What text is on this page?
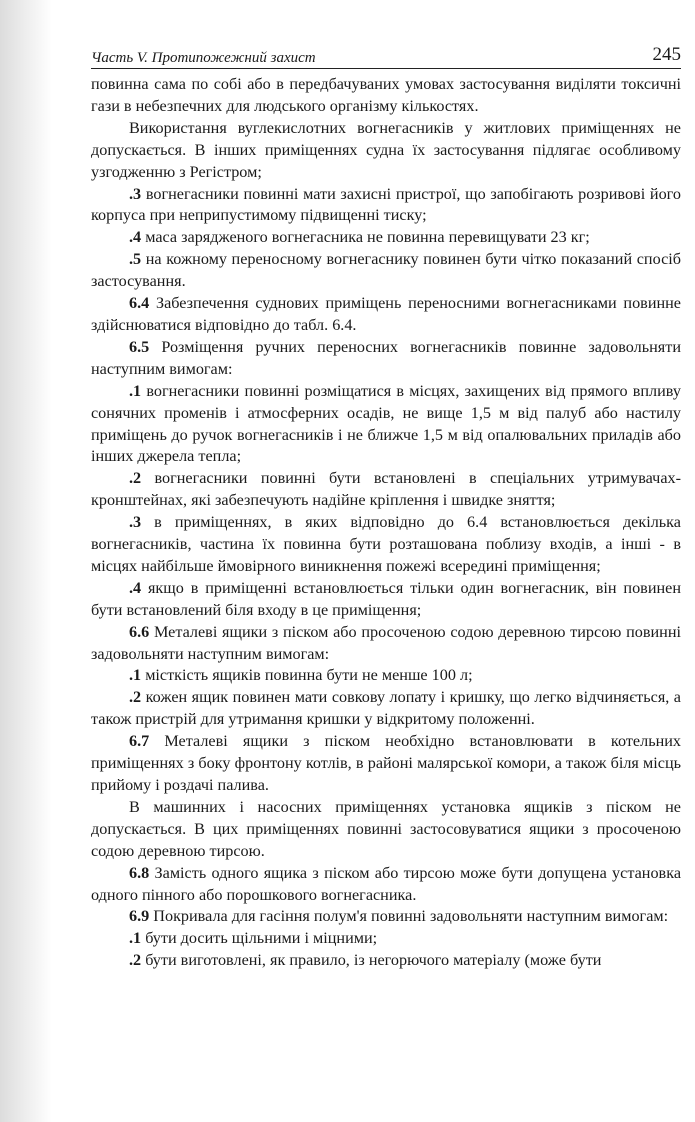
Часть V. Протипожежний захист	245

повинна сама по собі або в передбачуваних умовах застосування виділяти токсичні гази в небезпечних для людського організму кількостях.

Використання вуглекислотних вогнегасників у житлових приміщеннях не допускається. В інших приміщеннях судна їх застосування підлягає особливому узгодженню з Регістром;

.3 вогнегасники повинні мати захисні пристрої, що запобігають розривові його корпуса при неприпустимому підвищенні тиску;

.4 маса зарядженого вогнегасника не повинна перевищувати 23 кг;

.5 на кожному переносному вогнегаснику повинен бути чітко показаний спосіб застосування.

6.4 Забезпечення суднових приміщень переносними вогнегасниками повинне здійснюватися відповідно до табл. 6.4.

6.5 Розміщення ручних переносних вогнегасників повинне задовольняти наступним вимогам:

.1 вогнегасники повинні розміщатися в місцях, захищених від прямого впливу сонячних променів і атмосферних осадів, не вище 1,5 м від палуб або настилу приміщень до ручок вогнегасників і не ближче 1,5 м від опалювальних приладів або інших джерела тепла;

.2 вогнегасники повинні бути встановлені в спеціальних утримувачах-кронштейнах, які забезпечують надійне кріплення і швидке зняття;

.3 в приміщеннях, в яких відповідно до 6.4 встановлюється декілька вогнегасників, частина їх повинна бути розташована поблизу входів, а інші - в місцях найбільше ймовірного виникнення пожежі всередині приміщення;

.4 якщо в приміщенні встановлюється тільки один вогнегасник, він повинен бути встановлений біля входу в це приміщення;

6.6 Металеві ящики з піском або просоченою содою деревною тирсою повинні задовольняти наступним вимогам:

.1 місткість ящиків повинна бути не менше 100 л;

.2 кожен ящик повинен мати совкову лопату і кришку, що легко відчиняється, а також пристрій для утримання кришки у відкритому положенні.

6.7 Металеві ящики з піском необхідно встановлювати в котельних приміщеннях з боку фронтону котлів, в районі малярської комори, а також біля місць прийому і роздачі палива.

В машинних і насосних приміщеннях установка ящиків з піском не допускається. В цих приміщеннях повинні застосовуватися ящики з просоченою содою деревною тирсою.

6.8 Замість одного ящика з піском або тирсою може бути допущена установка одного пінного або порошкового вогнегасника.

6.9 Покривала для гасіння полум'я повинні задовольняти наступним вимогам:

.1 бути досить щільними і міцними;

.2 бути виготовлені, як правило, із негорючого матеріалу (може бути
